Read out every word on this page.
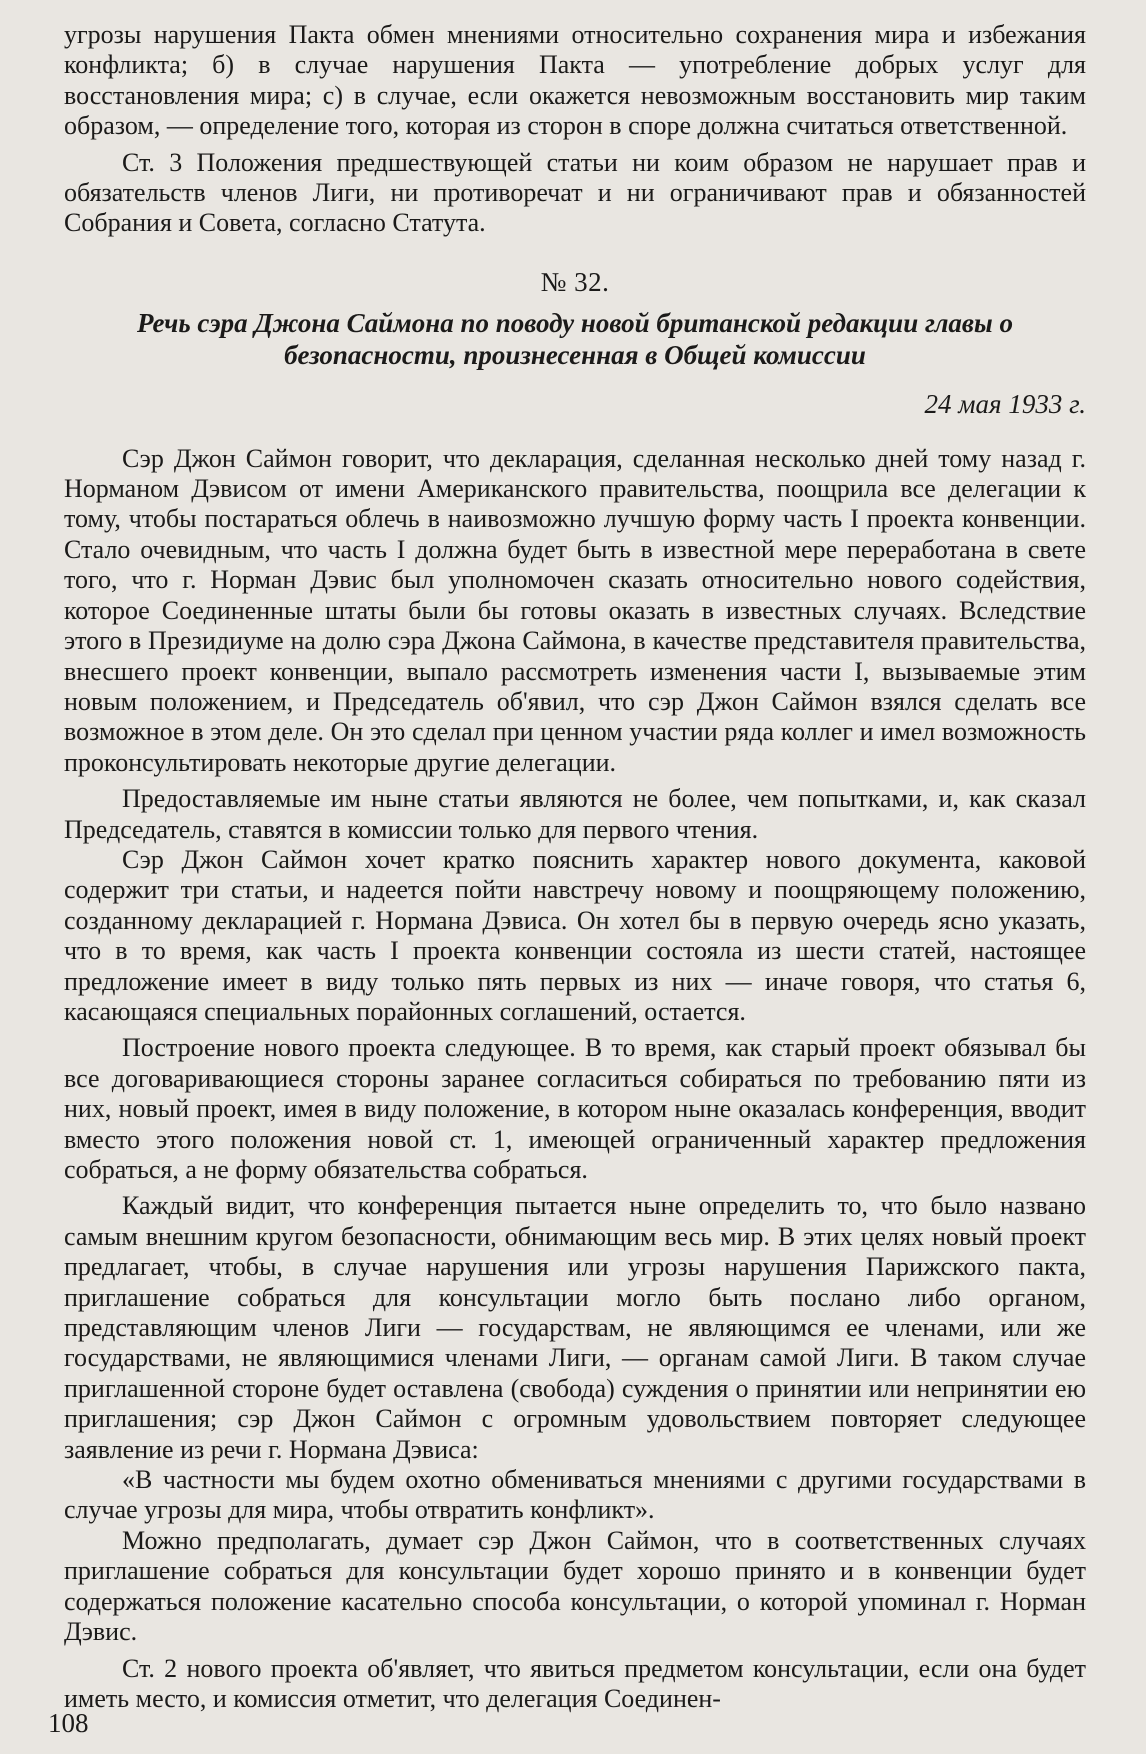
угрозы нарушения Пакта обмен мнениями относительно сохранения мира и избежания конфликта; б) в случае нарушения Пакта — употребление добрых услуг для восстановления мира; с) в случае, если окажется невозможным восстановить мир таким образом, — определение того, которая из сторон в споре должна считаться ответственной.

Ст. 3 Положения предшествующей статьи ни коим образом не нарушает прав и обязательств членов Лиги, ни противоречат и ни ограничивают прав и обязанностей Собрания и Совета, согласно Статута.

№ 32.
Речь сэра Джона Саймона по поводу новой британской редакции главы о безопасности, произнесенная в Общей комиссии
24 мая 1933 г.

Сэр Джон Саймон говорит, что декларация, сделанная несколько дней тому назад г. Норманом Дэвисом от имени Американского правительства, поощрила все делегации к тому, чтобы постараться облечь в наивозможно лучшую форму часть I проекта конвенции. Стало очевидным, что часть I должна будет быть в известной мере переработана в свете того, что г. Норман Дэвис был уполномочен сказать относительно нового содействия, которое Соединенные штаты были бы готовы оказать в известных случаях. Вследствие этого в Президиуме на долю сэра Джона Саймона, в качестве представителя правительства, внесшего проект конвенции, выпало рассмотреть изменения части I, вызываемые этим новым положением, и Председатель об'явил, что сэр Джон Саймон взялся сделать все возможное в этом деле. Он это сделал при ценном участии ряда коллег и имел возможность проконсультировать некоторые другие делегации.

Предоставляемые им ныне статьи являются не более, чем попытками, и, как сказал Председатель, ставятся в комиссии только для первого чтения.

Сэр Джон Саймон хочет кратко пояснить характер нового документа, каковой содержит три статьи, и надеется пойти навстречу новому и поощряющему положению, созданному декларацией г. Нормана Дэвиса. Он хотел бы в первую очередь ясно указать, что в то время, как часть I проекта конвенции состояла из шести статей, настоящее предложение имеет в виду только пять первых из них — иначе говоря, что статья 6, касающаяся специальных порайонных соглашений, остается.

Построение нового проекта следующее. В то время, как старый проект обязывал бы все договаривающиеся стороны заранее согласиться собираться по требованию пяти из них, новый проект, имея в виду положение, в котором ныне оказалась конференция, вводит вместо этого положения новой ст. 1, имеющей ограниченный характер предложения собраться, а не форму обязательства собраться.

Каждый видит, что конференция пытается ныне определить то, что было названо самым внешним кругом безопасности, обнимающим весь мир. В этих целях новый проект предлагает, чтобы, в случае нарушения или угрозы нарушения Парижского пакта, приглашение собраться для консультации могло быть послано либо органом, представляющим членов Лиги — государствам, не являющимся ее членами, или же государствами, не являющимися членами Лиги, — органам самой Лиги. В таком случае приглашенной стороне будет оставлена (свобода) суждения о принятии или непринятии ею приглашения; сэр Джон Саймон с огромным удовольствием повторяет следующее заявление из речи г. Нормана Дэвиса:

«В частности мы будем охотно обмениваться мнениями с другими государствами в случае угрозы для мира, чтобы отвратить конфликт».

Можно предполагать, думает сэр Джон Саймон, что в соответственных случаях приглашение собраться для консультации будет хорошо принято и в конвенции будет содержаться положение касательно способа консультации, о которой упоминал г. Норман Дэвис.

Ст. 2 нового проекта об'являет, что явиться предметом консультации, если она будет иметь место, и комиссия отметит, что делегация Соединен-

108
